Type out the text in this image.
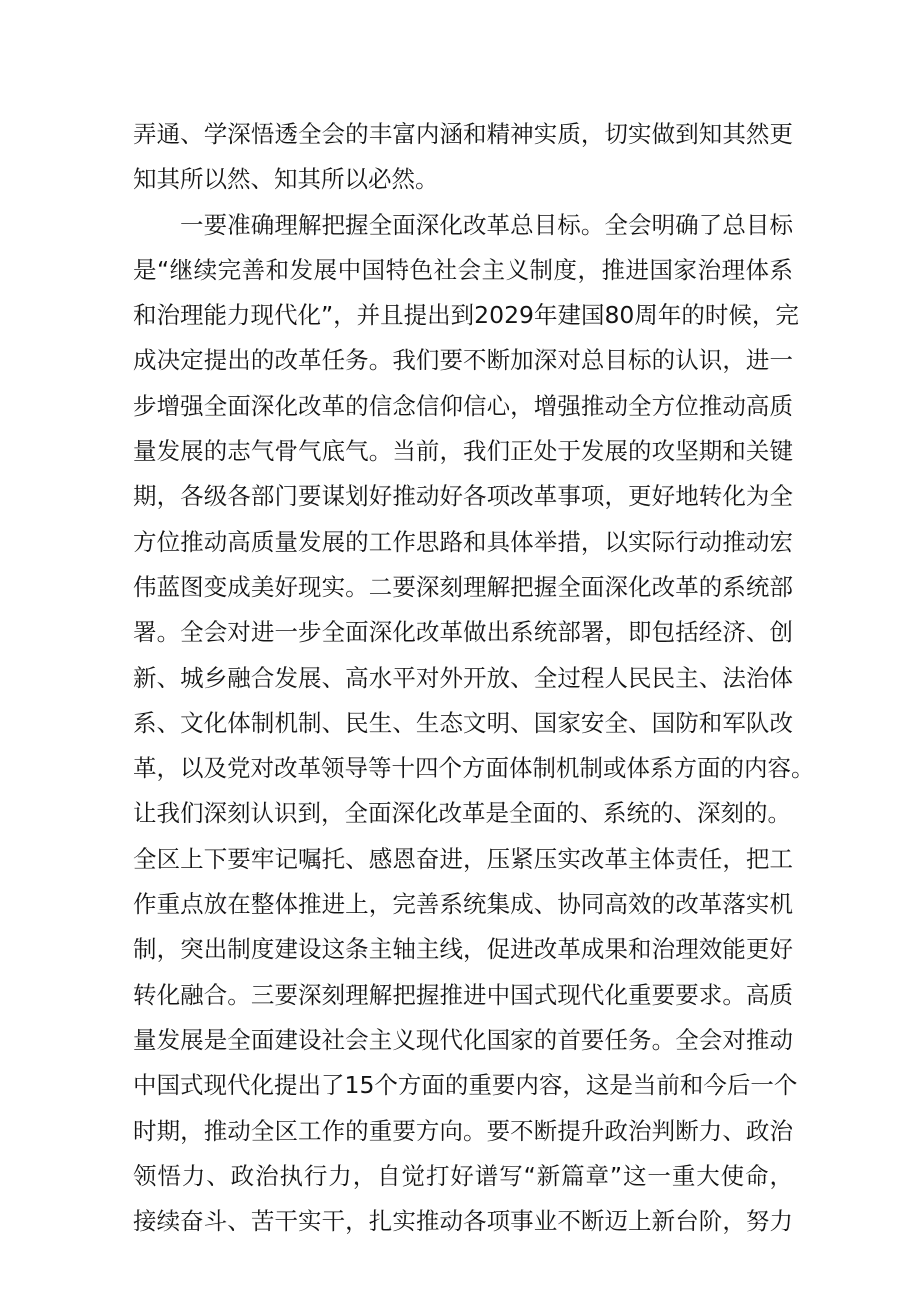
弄通、学深悟透全会的丰富内涵和精神实质，切实做到知其然更
知其所以然、知其所以必然。
一要准确理解把握全面深化改革总目标。全会明确了总目标
是“继续完善和发展中国特色社会主义制度，推进国家治理体系
和治理能力现代化”，并且提出到2029年建国80周年的时候，完
成决定提出的改革任务。我们要不断加深对总目标的认识，进一
步增强全面深化改革的信念信仰信心，增强推动全方位推动高质
量发展的志气骨气底气。当前，我们正处于发展的攻坚期和关键
期，各级各部门要谋划好推动好各项改革事项，更好地转化为全
方位推动高质量发展的工作思路和具体举措，以实际行动推动宏
伟蓝图变成美好现实。二要深刻理解把握全面深化改革的系统部
署。全会对进一步全面深化改革做出系统部署，即包括经济、创
新、城乡融合发展、高水平对外开放、全过程人民民主、法治体
系、文化体制机制、民生、生态文明、国家安全、国防和军队改
革，以及党对改革领导等十四个方面体制机制或体系方面的内容。
让我们深刻认识到，全面深化改革是全面的、系统的、深刻的。
全区上下要牢记嘱托、感恩奋进，压紧压实改革主体责任，把工
作重点放在整体推进上，完善系统集成、协同高效的改革落实机
制，突出制度建设这条主轴主线，促进改革成果和治理效能更好
转化融合。三要深刻理解把握推进中国式现代化重要要求。高质
量发展是全面建设社会主义现代化国家的首要任务。全会对推动
中国式现代化提出了15个方面的重要内容，这是当前和今后一个
时期，推动全区工作的重要方向。要不断提升政治判断力、政治
领悟力、政治执行力，自觉打好谱写“新篇章”这一重大使命，
接续奋斗、苦干实干，扎实推动各项事业不断迈上新台阶，努力
